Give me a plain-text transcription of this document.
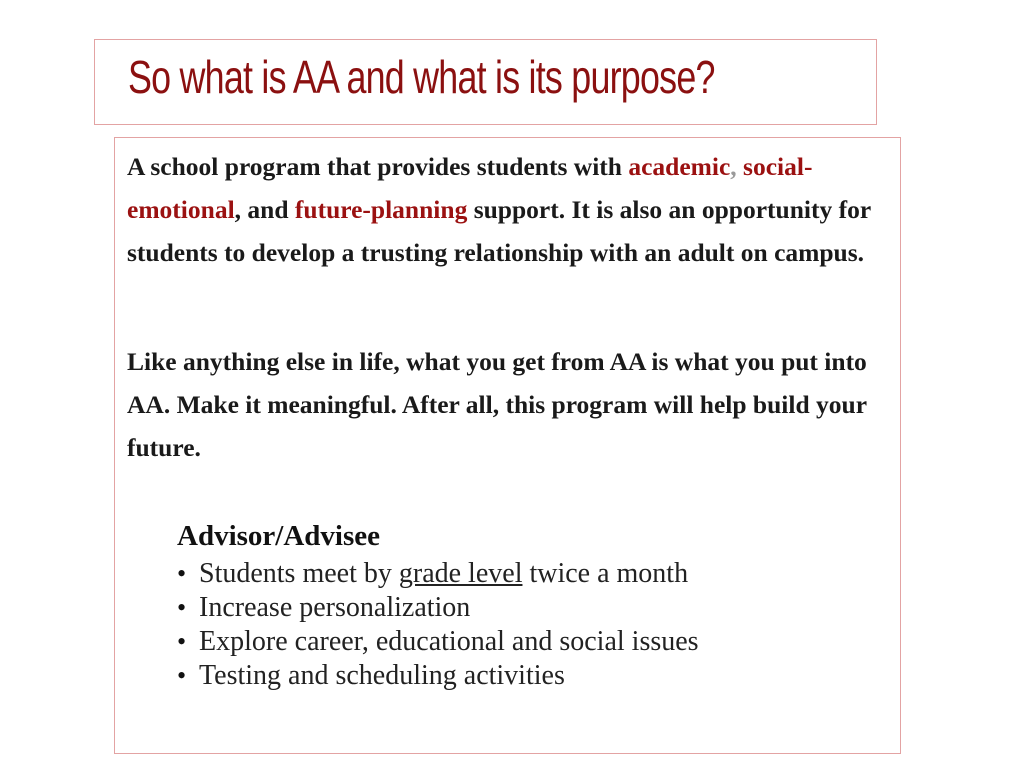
So what is AA and what is its purpose?

A school program that provides students with academic, social-emotional, and future-planning support. It is also an opportunity for students to develop a trusting relationship with an adult on campus.

Like anything else in life, what you get from AA is what you put into AA. Make it meaningful. After all, this program will help build your future.

Advisor/Advisee
• Students meet by grade level twice a month
• Increase personalization
• Explore career, educational and social issues
• Testing and scheduling activities
